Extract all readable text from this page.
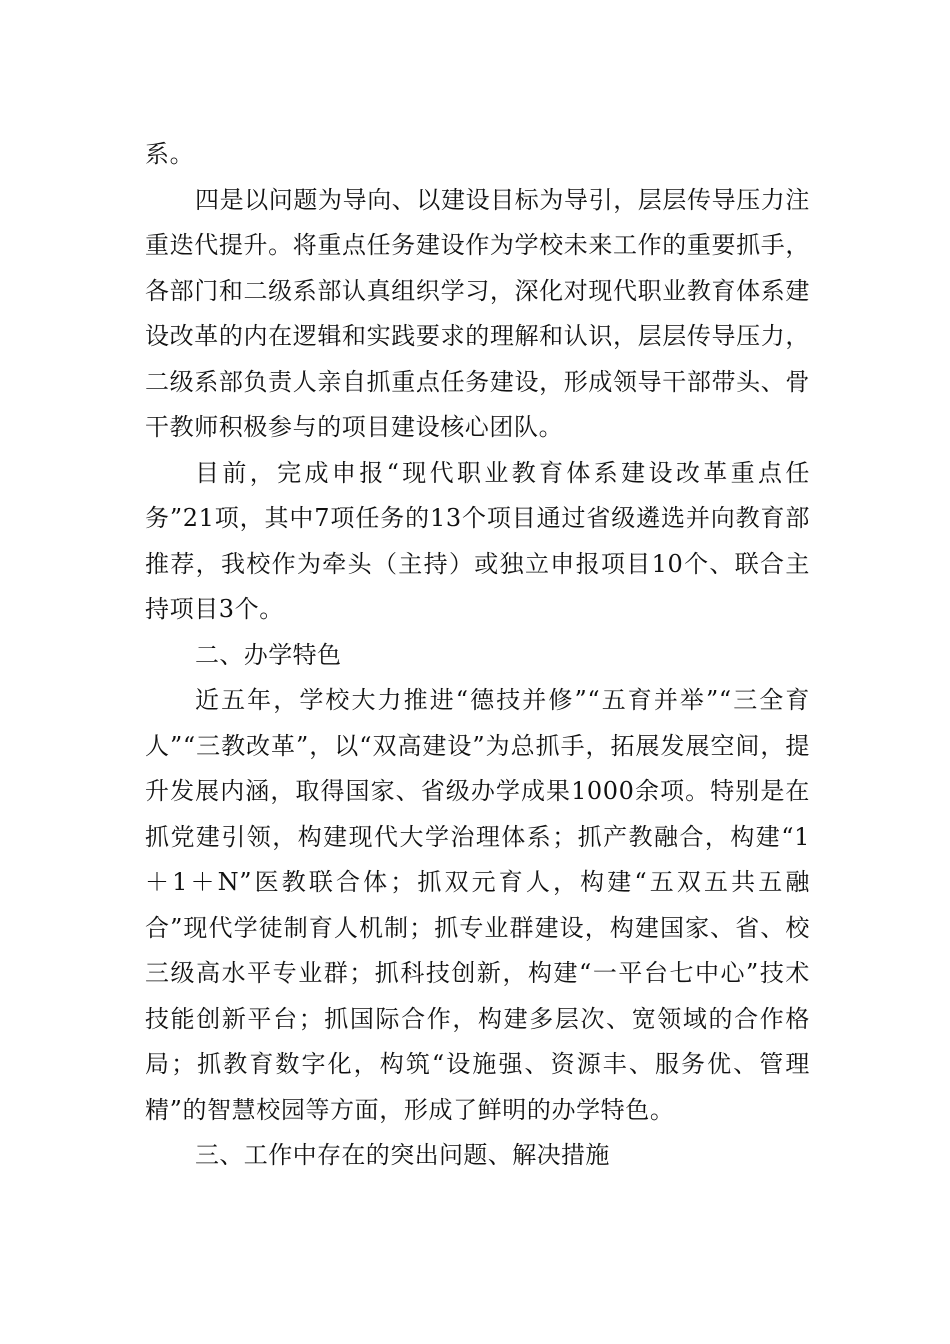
系。

四是以问题为导向、以建设目标为导引，层层传导压力注重迭代提升。将重点任务建设作为学校未来工作的重要抓手，各部门和二级系部认真组织学习，深化对现代职业教育体系建设改革的内在逻辑和实践要求的理解和认识，层层传导压力，二级系部负责人亲自抓重点任务建设，形成领导干部带头、骨干教师积极参与的项目建设核心团队。

目前，完成申报“现代职业教育体系建设改革重点任务”21项，其中7项任务的13个项目通过省级遴选并向教育部推荐，我校作为牵头（主持）或独立申报项目10个、联合主持项目3个。

二、办学特色

近五年，学校大力推进“德技并修”“五育并举”“三全育人”“三教改革”，以“双高建设”为总抓手，拓展发展空间，提升发展内涵，取得国家、省级办学成果1000余项。特别是在抓党建引领，构建现代大学治理体系；抓产教融合，构建“1＋1＋N”医教联合体；抓双元育人，构建“五双五共五融合”现代学徒制育人机制；抓专业群建设，构建国家、省、校三级高水平专业群；抓科技创新，构建“一平台七中心”技术技能创新平台；抓国际合作，构建多层次、宽领域的合作格局；抓教育数字化，构筑“设施强、资源丰、服务优、管理精”的智慧校园等方面，形成了鲜明的办学特色。

三、工作中存在的突出问题、解决措施
